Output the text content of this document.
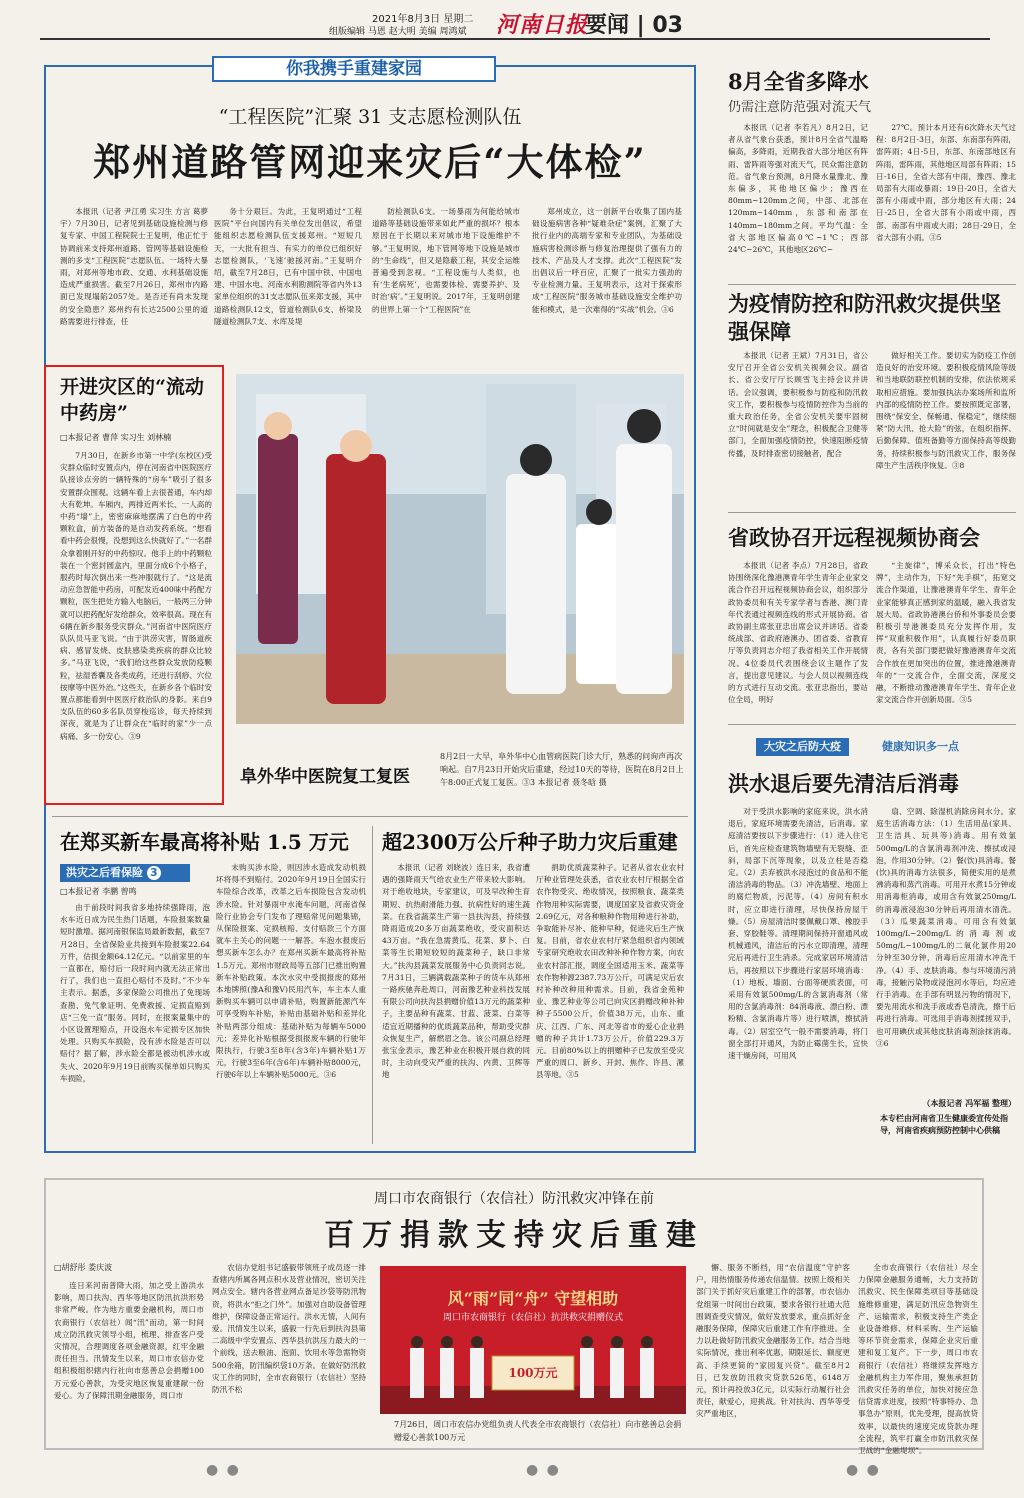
2021年8月3日 星期二
组版编辑 马恩 赵大明 美编 周鸿斌 河南日报
要闻 | 03
你我携手重建家园
“工程医院”汇聚 31 支志愿检测队伍
郑州道路管网迎来灾后“大体检”

本报讯（记者 尹江勇 实习生 方言 葛夢宇）7月30日，记者见到基础设施检测与修复专家、中国工程院院士王复明，他正忙于协调前来支持郑州道路、管网等基础设施检测的多支“工程医院”志愿队伍。一场特大暴雨，对郑州等地市政、交通、水利基础设施造成严重损害。截至7月26日，郑州市内路面已发现塌陷2057处。是否还有尚未发现的安全隐患？郑州约有长达2500公里的道路需要进行排查，任

务十分艰巨。为此，王复明通过“工程医院”平台向国内有关单位发出倡议，希望能组织志愿检测队伍支援郑州。“短短几天，一大批有担当、有实力的单位已组织好志愿检测队，‘飞速’驰援河南。”王复明介绍，截至7月28日，已有中国中铁、中国电建、中国水电、河南水利勘测院等省内外13家单位组织的31支志愿队伍来郑支援，其中道路检测队12支，管道检测队6支、桥梁及隧道检测队7支、水库及堤

防检测队6支。一场暴雨为何能给城市道路等基础设施带来如此严重的损坏？根本原因在于长期以来对城市地下设施维护不够。”王复明说，地下管网等地下设施是城市的“生命线”，但又是隐蔽工程，其安全运维普遍受到忽视。“工程设施与人类似，也有‘生老病死’，也需要体检、需要养护、及时治‘病’。”王复明说。2017年，王复明创建的世界上第一个“工程医院”在

郑州成立，这一创新平台收集了国内基础设施病害各种“疑难杂症”案例，汇聚了大批行业内的高端专家和专业团队，为基础设施病害检测诊断与修复治理提供了强有力的技术、产品及人才支撑。此次“工程医院”发出倡议后一呼百应，汇聚了一批实力强劲的专业检测力量。王复明表示，这对于探索形成“工程医院”服务城市基础设施安全维护功能和模式，是一次难得的“实战”机会。③6

开进灾区的“流动中药房”
□本报记者 曹萍 实习生 刘林楠

7月30日，在新乡市第一中学(东校区)受灾群众临时安置点内，停在河南省中医院医疗队接诊点旁的一辆特殊的“房车”吸引了很多安置群众围观。这辆车看上去很普通，车内却大有乾坤。车厢内，两排近两米长、一人高的中药“墙”上，密密麻麻地摆满了白色的中药颗粒盒，前方装备的是自动发药系统。“想看看中药会很慢，没想到这么快就好了。”一名群众拿着刚开好的中药惊叹。他手上的中药颗粒装在一个密封圆盒内，里面分成6个小格子，服药时每次倒出来一些冲服就行了。“这是流动应急智能中药房，可配发近400味中药配方颗粒，医生把处方输入电脑后，一般两三分钟就可以把药配好发给群众，效率很高。现在有6辆在新乡服务受灾群众。”河南省中医院医疗队队员马亚飞说。“由于洪涝灾害，胃肠道疾病、感冒发烧、皮肤感染类疾病的群众比较多。”马亚飞说，“我们给这些群众发放防疫颗粒，祛湿香囊及各类成药，还进行刮痧、穴位按摩等中医外治。”这些天，在新乡各个临时安置点都能看到中医医疗救治队的身影。来自9支队伍的60多名队员穿梭巡诊，每天持续到深夜，就是为了让群众在“临时的家”少一点病痛、多一份安心。③9

阜外华中医院复工复医
8月2日一大早，阜外华中心血管病医院门诊大厅，熟悉的问询声再次响起。自7月23日开始灾后重建，经过10天的等待，医院在8月2日上午8:00正式复工复医。③3 本报记者 聂冬晗 摄
在郑买新车最高将补贴 1.5 万元
洪灾之后看保险 3
□本报记者 李鹏 曾鸣

由于前段时间我省多地持续强降雨，泡水车近日成为民生热门话题，车险报案数量短时激增。据河南银保监局最新数据，截至7月28日，全省保险业共接到车险报案22.64万件，估损金额64.12亿元。“以前家里的车一直都在，赔付后一段时间内就无法正常出行了，我们也一直担心赔付不及时。”不少车主表示。据悉，多家保险公司推出了免现场查勘、免气象证明、免费救援、定损直赔到店“三免一直”服务。同时，在报案量集中的小区设置理赔点，开设泡水车定损专区加快处理。只购买车损险，没有涉水险是否可以赔付？据了解，涉水险全都是被动机涉水或失火、2020年9月19日前购买保单如只购买车损险，

未购买涉水险，则因涉水造成发动机损坏将得不到赔付。2020年9月19日全国实行车险综合改革，改革之后车损险包含发动机涉水险。针对暴雨中水淹车问题，河南省保险行业协会专门发布了理赔常见问题集锦，从保险报案、定损核赔、支付赔款三个方面就车主关心的问题一一解答。车泡水报废后想买新车怎么办？在郑州买新车最高将补贴1.5万元。郑州市财政局等五部门已推出购置新车补贴政策。本次水灾中受损报废的郑州本地牌照(豫A和豫V)民用汽车，车主本人重新购买车辆可以申请补贴，购置新能源汽车可享受购车补贴，补贴由基础补贴和差异化补贴两部分组成：基础补贴为每辆车5000元；差异化补贴根据受损报废车辆的行驶年限执行，行驶3至8年(含3年)车辆补贴1万元，行驶3至6年(含6年)车辆补贴8000元，行驶6年以上车辆补贴5000元。③6

超2300万公斤种子助力灾后重建

本报讯（记者 刘晓波）连日来，我省遭遇的强降雨天气给农业生产带来较大影响。对于绝收地块，专家建议，可及早改种生育期短、抗热耐滑能力强、抗病性好的速生蔬菜。在我省蔬菜生产第一县扶沟县，持续强降雨造成20多万亩蔬菜绝收，受灾面积达43万亩。“我在急需黄瓜、花菜、萝卜、白菜等生长期短较短的蔬菜种子，缺口非常大。”扶沟县蔬菜发展服务中心负责同志说。7月31日，三辆满载蔬菜种子的货车从郑州一路疾驰奔赴周口，河南豫艺种业科技发展有限公司向扶沟县捐赠价值13万元的蔬菜种子，主要品种有蔬菜、甘蓝、菠菜、白菜等适宜近期播种的优质蔬菜品种，帮助受灾群众恢复生产，解燃眉之急。该公司副总经理张宝金表示，豫艺种业在积极开展自救的同时，主动向受灾严重的扶沟、内黄、卫辉等地

捐助优质蔬菜种子。记者从省农业农村厅种业管理处获悉，省农业农村厅根据全省农作物受灾、绝收情况，按照粮食、蔬菜类作物用种实际需要，调度国家及省救灾资金2.69亿元，对各种粮种作物用种进行补助，争取能补尽补、能种早种，促进灾后生产恢复。目前，省农业农村厅紧急组织省内领域专家研究绝收农田改种补种作物方案，向农业农村部汇报，调度全国适用玉米、蔬菜等农作物种源2387.73万公斤，可满足灾后农村补种改种用种需求。目前，我省金苑种业、豫艺种业等公司已向灾区捐赠改种补种种子5500公斤，价值38万元，山东、重庆、江西、广东、河北等省市的爱心企业捐赠的种子共计1.73万公斤，价值229.3万元。目前80%以上的捐赠种子已发放至受灾严重的周口、新乡、开封、焦作、许昌、漯县等地。③5

8月全省多降水
仍需注意防范强对流天气

本报讯（记者 李若凡）8月2日，记者从省气象台获悉，预计8月全省气温略偏高，多降雨，近期我省大部分地区有阵雨、雷阵雨等强对流天气，民众需注意防范。省气象台预测，8月降水量豫北、豫东偏多，其他地区偏少；豫西在80mm~120mm之间，中部、北部在120mm~140mm，东部和南部在140mm~180mm之间。平均气温：全省大部地区偏高0℃~1℃；西部24℃~26℃，其他地区26℃~

27℃。预计本月还有6次降水天气过程：8月2日-3日，东部、东南部有阵雨，雷阵雨；4日-5日，东部、东南部地区有阵雨，雷阵雨，其他地区局部有阵雨；15日-16日，全省大部有中雨，豫西、豫北局部有大雨或暴雨；19日-20日，全省大部有小雨或中雨，部分地区有大雨；24日-25日，全省大部有小雨或中雨，西部、南部有中雨或大雨；28日-29日，全省大部有小雨。③5

为疫情防控和防汛救灾提供坚强保障

本报讯（记者 王斌）7月31日，省公安厅召开全省公安机关视频会议。副省长、省公安厅厅长顾雪飞主持会议并讲话。会议强调，要积极参与防疫和防汛救灾工作，要积极参与疫情防控作为当前的重大政治任务，全省公安机关要牢固树立“时间就是安全”理念，积极配合卫健等部门，全面加强疫情防控，快速阻断疫情传播，及时排查密切接触者，配合

做好相关工作。要切实为防疫工作创造良好的治安环境。要积极疫情风险等级和当地联防联控机制的安排，依法依规采取相应措施。要加强执法办案场所和监所内部的疫情防控工作。要按照既定部署，围绕“保安全、保畅通、保稳定”，继续细紧“防大汛、抢大险”的弦，在组织指挥、后勤保障、值班备勤等方面保持高等级勤务，持续积极参与防汛救灾工作，服务保障生产生活秩序恢复。③8

省政协召开远程视频协商会

本报讯（记者 李点）7月28日，省政协围绕深化豫港澳青年学生青年企业家交流合作召开远程视频协商会议，组织部分政协委员和有关专家学者与香港、澳门青年代表通过视频连线的形式开展协商。省政协副主席张亚忠出席会议并讲话。省委统战部、省政府港澳办、团省委、省教育厅等负责同志介绍了我省相关工作开展情况。4位委员代表围绕会议主题作了发言，提出意见建议。与会人员以视频连线的方式进行互动交流。张亚忠指出，要站位全局，明好

“主旋律”，博采众长，打出“特色牌”，主动作为，下好“先手棋”，拓宽交流合作渠道，让豫港澳青年学生、青年企业家能够真正感到家的温暖，融入我省发展大局。省政协港澳台侨和外事委员会要积极引导港澳委员充分发挥作用，发挥“双重积极作用”，认真履行好委员职责，各有关部门要把做好豫港澳青年交流合作放在更加突出的位置，推进豫港澳青年的“一交流合作，全面交流，深度交融，不断推动豫港澳青年学生、青年企业家交流合作开创新局面。③5

大灾之后防大疫	健康知识多一点
洪水退后要先清洁后消毒

对于受洪水影响的家庭来说，洪水消退后，家庭环境需要先清洁，后消毒。家庭清洁要按以下步骤进行：（1）进入住宅后，首先应检查建筑物墙壁有无裂缝、歪斜，局部下沉等现象，以及立柱是否稳定。（2）丢弃被洪水浸泡过的食品和不能清洁消毒的物品。（3）冲洗墙壁、地面上的腐烂物质，污泥等。（4）房间有积水时，应立即进行清理，尽快保持房屋干燥。（5）房屋清洁时要佩戴口罩、橡胶手套、穿胶鞋等。清理期间保持开窗通风或机械通风，清洁后的污水立即清理，清理完后再进行卫生消杀。完成家居环境清洁后，再按照以下步骤进行家居环境消毒：（1）地板、墙面、台面等硬质表面，可采用有效氯500mg/L的含氯消毒剂（常用的含氯消毒剂：84消毒液、漂白粉、漂粉精、含氯消毒片等）进行喷洒，擦拭消毒。（2）居室空气一般不需要消毒，将门窗全部打开通风，为防止霉菌生长，宜快速干燥房间，可用风

扇、空调、除湿机消除房间水分。家庭生活消毒方法：（1）生活用品(家具、卫生洁具、玩具等)消毒。用有效氯500mg/L的含氯消毒剂冲洗、擦拭或浸泡，作用30分钟。（2）餐(饮)具消毒。餐(饮)具的消毒方法很多，简便实用的是煮沸消毒和蒸汽消毒。可用开水煮15分钟或用消毒柜消毒，或用含有效氯250mg/L的消毒液浸泡30分钟后再用清水清洗。（3）瓜果蔬菜消毒。可用含有效氯100mg/L~200mg/L的消毒剂或50mg/L~100mg/L的二氧化氯作用20分钟至30分钟，消毒后应用清水冲洗干净。（4）手、皮肤消毒。参与环境清污消毒，接触污染物或浸泡河水等后，均应进行手消毒。在手部有明显污物的情况下，要先用流水和洗手液或香皂清洗，擦干后再进行消毒。可选用手消毒剂揉搓双手，也可用碘伏或其他皮肤消毒剂涂抹消毒。③6

（本报记者 冯军福 整理）
本专栏由河南省卫生健康委宣传处指导，河南省疾病预防控制中心供稿
周口市农商银行（农信社）防汛救灾冲锋在前
百万捐款支持灾后重建
□胡舒彤 娄庆波

连日来河南普降大雨，加之受上游洪水影响，周口扶沟、西华等地区防汛抗洪形势非常严峻。作为地方重要金融机构，周口市农商银行（农信社）闻“汛”而动，第一时间成立防汛救灾领导小组，梳理、排查客户受灾情况，合理调度各项金融资源，红牢金融责任担当。汛情发生以来，周口市农信办党组积极组织辖内行社向市慈善总会捐赠100万元爱心善款，为受灾地区恢复重建献一份爱心。为了保障汛期金融服务，周口市

农信办党组书记盛毅带领班子成员逐一排查辖内所属各网点积水及营业情况，密切关注网点安全。辖内各营业网点备足沙袋等防汛物资，将洪水“拒之门外”。加强对自助设备管理维护，保障设备正常运行。洪水无情，人间有爱。汛情发生以来，盛毅一行先后到扶沟县第二高级中学安置点、西华县抗洪压力最大的一个前线，送去粮油、泡面、饮用水等急需物资500余箱，防汛编织袋10万条。在做好防汛救灾工作的同时，全市农商银行（农信社）坚持防汛不松

风“雨”同“舟” 守望相助
周口市农商银行（农信社）抗洪救灾捐赠仪式
100万元
7月26日，周口市农信办党组负责人代表全市农商银行（农信社）向市慈善总会捐赠爱心善款100万元

懈、服务不断档，用“农信温度”守护客户，用热情服务传递农信温情。按照上级相关部门关于抓好灾后重建工作的部署，市农信办党组第一时间出台政策，要求各银行社通大范围调查受灾情况，做好发放要求，重点抓好金融服务保障，保障灾后重建工作有序推进。全力以赴做好防汛救灾金融服务工作。结合当地实际情况，推出利率优惠，期限延长、额度更高、手续更简的“家园复兴贷”。截至8月2日，已发放防汛救灾贷款526笔，6148万元，预计再投放3亿元，以实际行动履行社会责任，献爱心，迎挑战。针对扶沟、西华等受灾严重地区，

全市农商银行（农信社）尽全力保障金融服务通畅，大力支持防汛救灾、民生保障类项目等基础设施维修重建，满足防汛应急物资生产、运输需求，积极支持生产类企业设备维修、材料采购、生产运输等环节资金需求，保障企业灾后重建和复工复产。下一步，周口市农商银行（农信社）将继续发挥地方金融机构主力军作用，聚焦承担防汛救灾任务的单位，加快对接应急信贷需求进度，按照“特事特办、急事急办”原则，优先受理，提高放贷效率，以最快的速度完成贷款办理全流程，筑牢打赢全市防汛救灾保卫战的“金融堤坝”。

● ●	● ●	● ●
